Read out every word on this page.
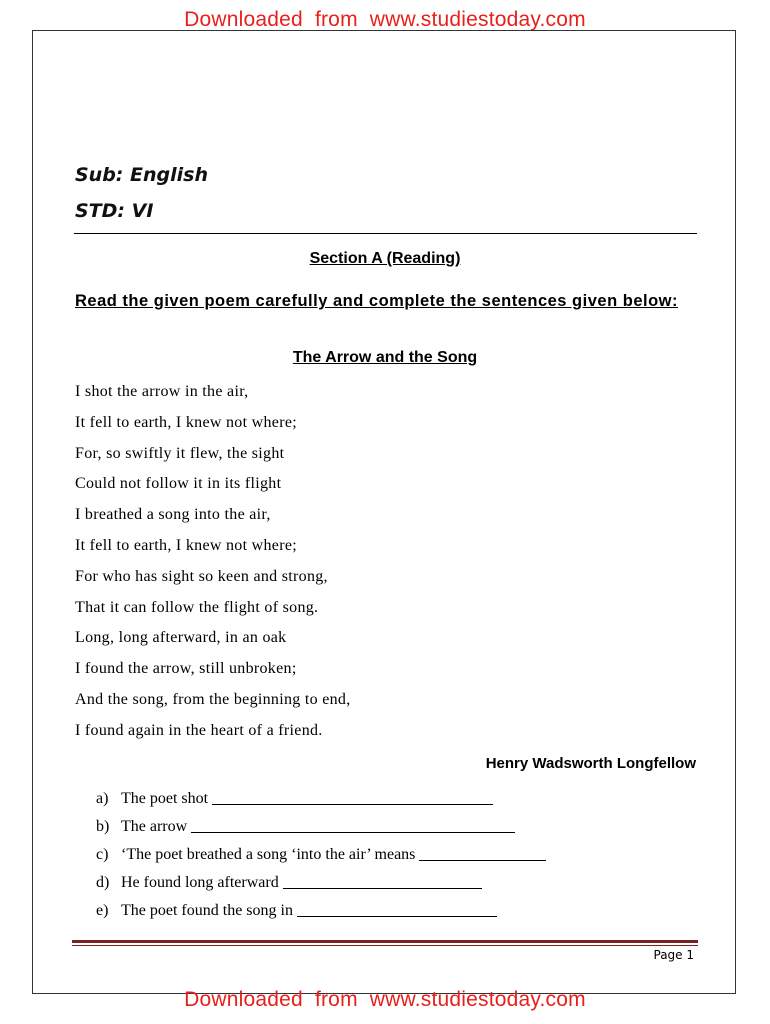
Downloaded from www.studiestoday.com
Sub: English
STD: VI
Section A (Reading)
Read the given poem carefully and complete the sentences given below:
The Arrow and the Song
I shot the arrow in the air,
It fell to earth, I knew not where;
For, so swiftly it flew, the sight
Could not follow it in its flight
I breathed a song into the air,
It fell to earth, I knew not where;
For who has sight so keen and strong,
That it can follow the flight of song.
Long, long afterward, in an oak
I found the arrow, still unbroken;
And the song, from the beginning to end,
I found again in the heart of a friend.
Henry Wadsworth Longfellow
a) The poet shot
b) The arrow
c) ‘The poet breathed a song ‘into the air’ means
d) He found long afterward
e) The poet found the song in
Page 1
Downloaded from www.studiestoday.com
